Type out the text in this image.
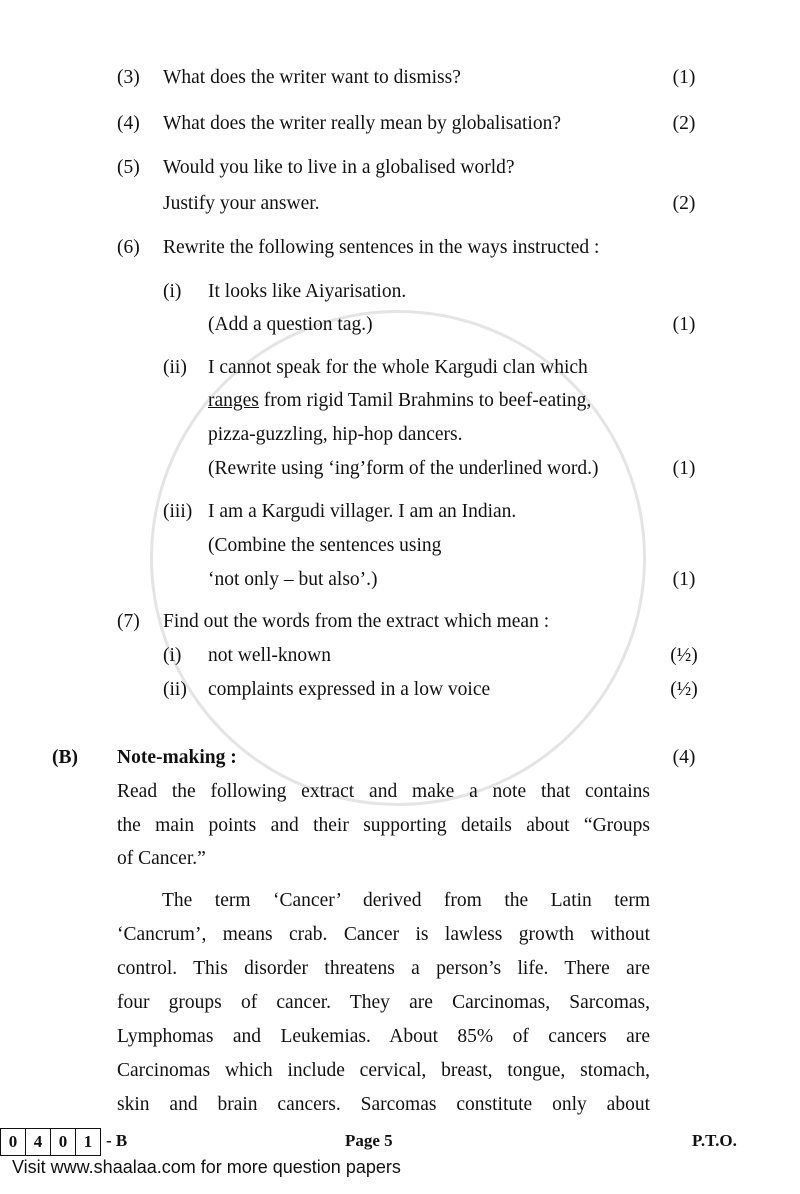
(3) What does the writer want to dismiss?	(1)
(4) What does the writer really mean by globalisation?	(2)
(5) Would you like to live in a globalised world?
Justify your answer.	(2)
(6) Rewrite the following sentences in the ways instructed :
(i) It looks like Aiyarisation.
(Add a question tag.)	(1)
(ii) I cannot speak for the whole Kargudi clan which
ranges from rigid Tamil Brahmins to beef-eating,
pizza-guzzling, hip-hop dancers.
(Rewrite using ‘ing’form of the underlined word.)	(1)
(iii) I am a Kargudi villager. I am an Indian.
(Combine the sentences using
‘not only – but also’.)	(1)
(7) Find out the words from the extract which mean :
(i) not well-known	(½)
(ii) complaints expressed in a low voice	(½)
(B) Note-making :	(4)
Read the following extract and make a note that contains
the main points and their supporting details about “Groups
of Cancer.”
The term ‘Cancer’ derived from the Latin term
‘Cancrum’, means crab. Cancer is lawless growth without
control. This disorder threatens a person’s life. There are
four groups of cancer. They are Carcinomas, Sarcomas,
Lymphomas and Leukemias. About 85% of cancers are
Carcinomas which include cervical, breast, tongue, stomach,
skin and brain cancers. Sarcomas constitute only about
0 4 0 1 - B	Page 5	P.T.O.
Visit www.shaalaa.com for more question papers
